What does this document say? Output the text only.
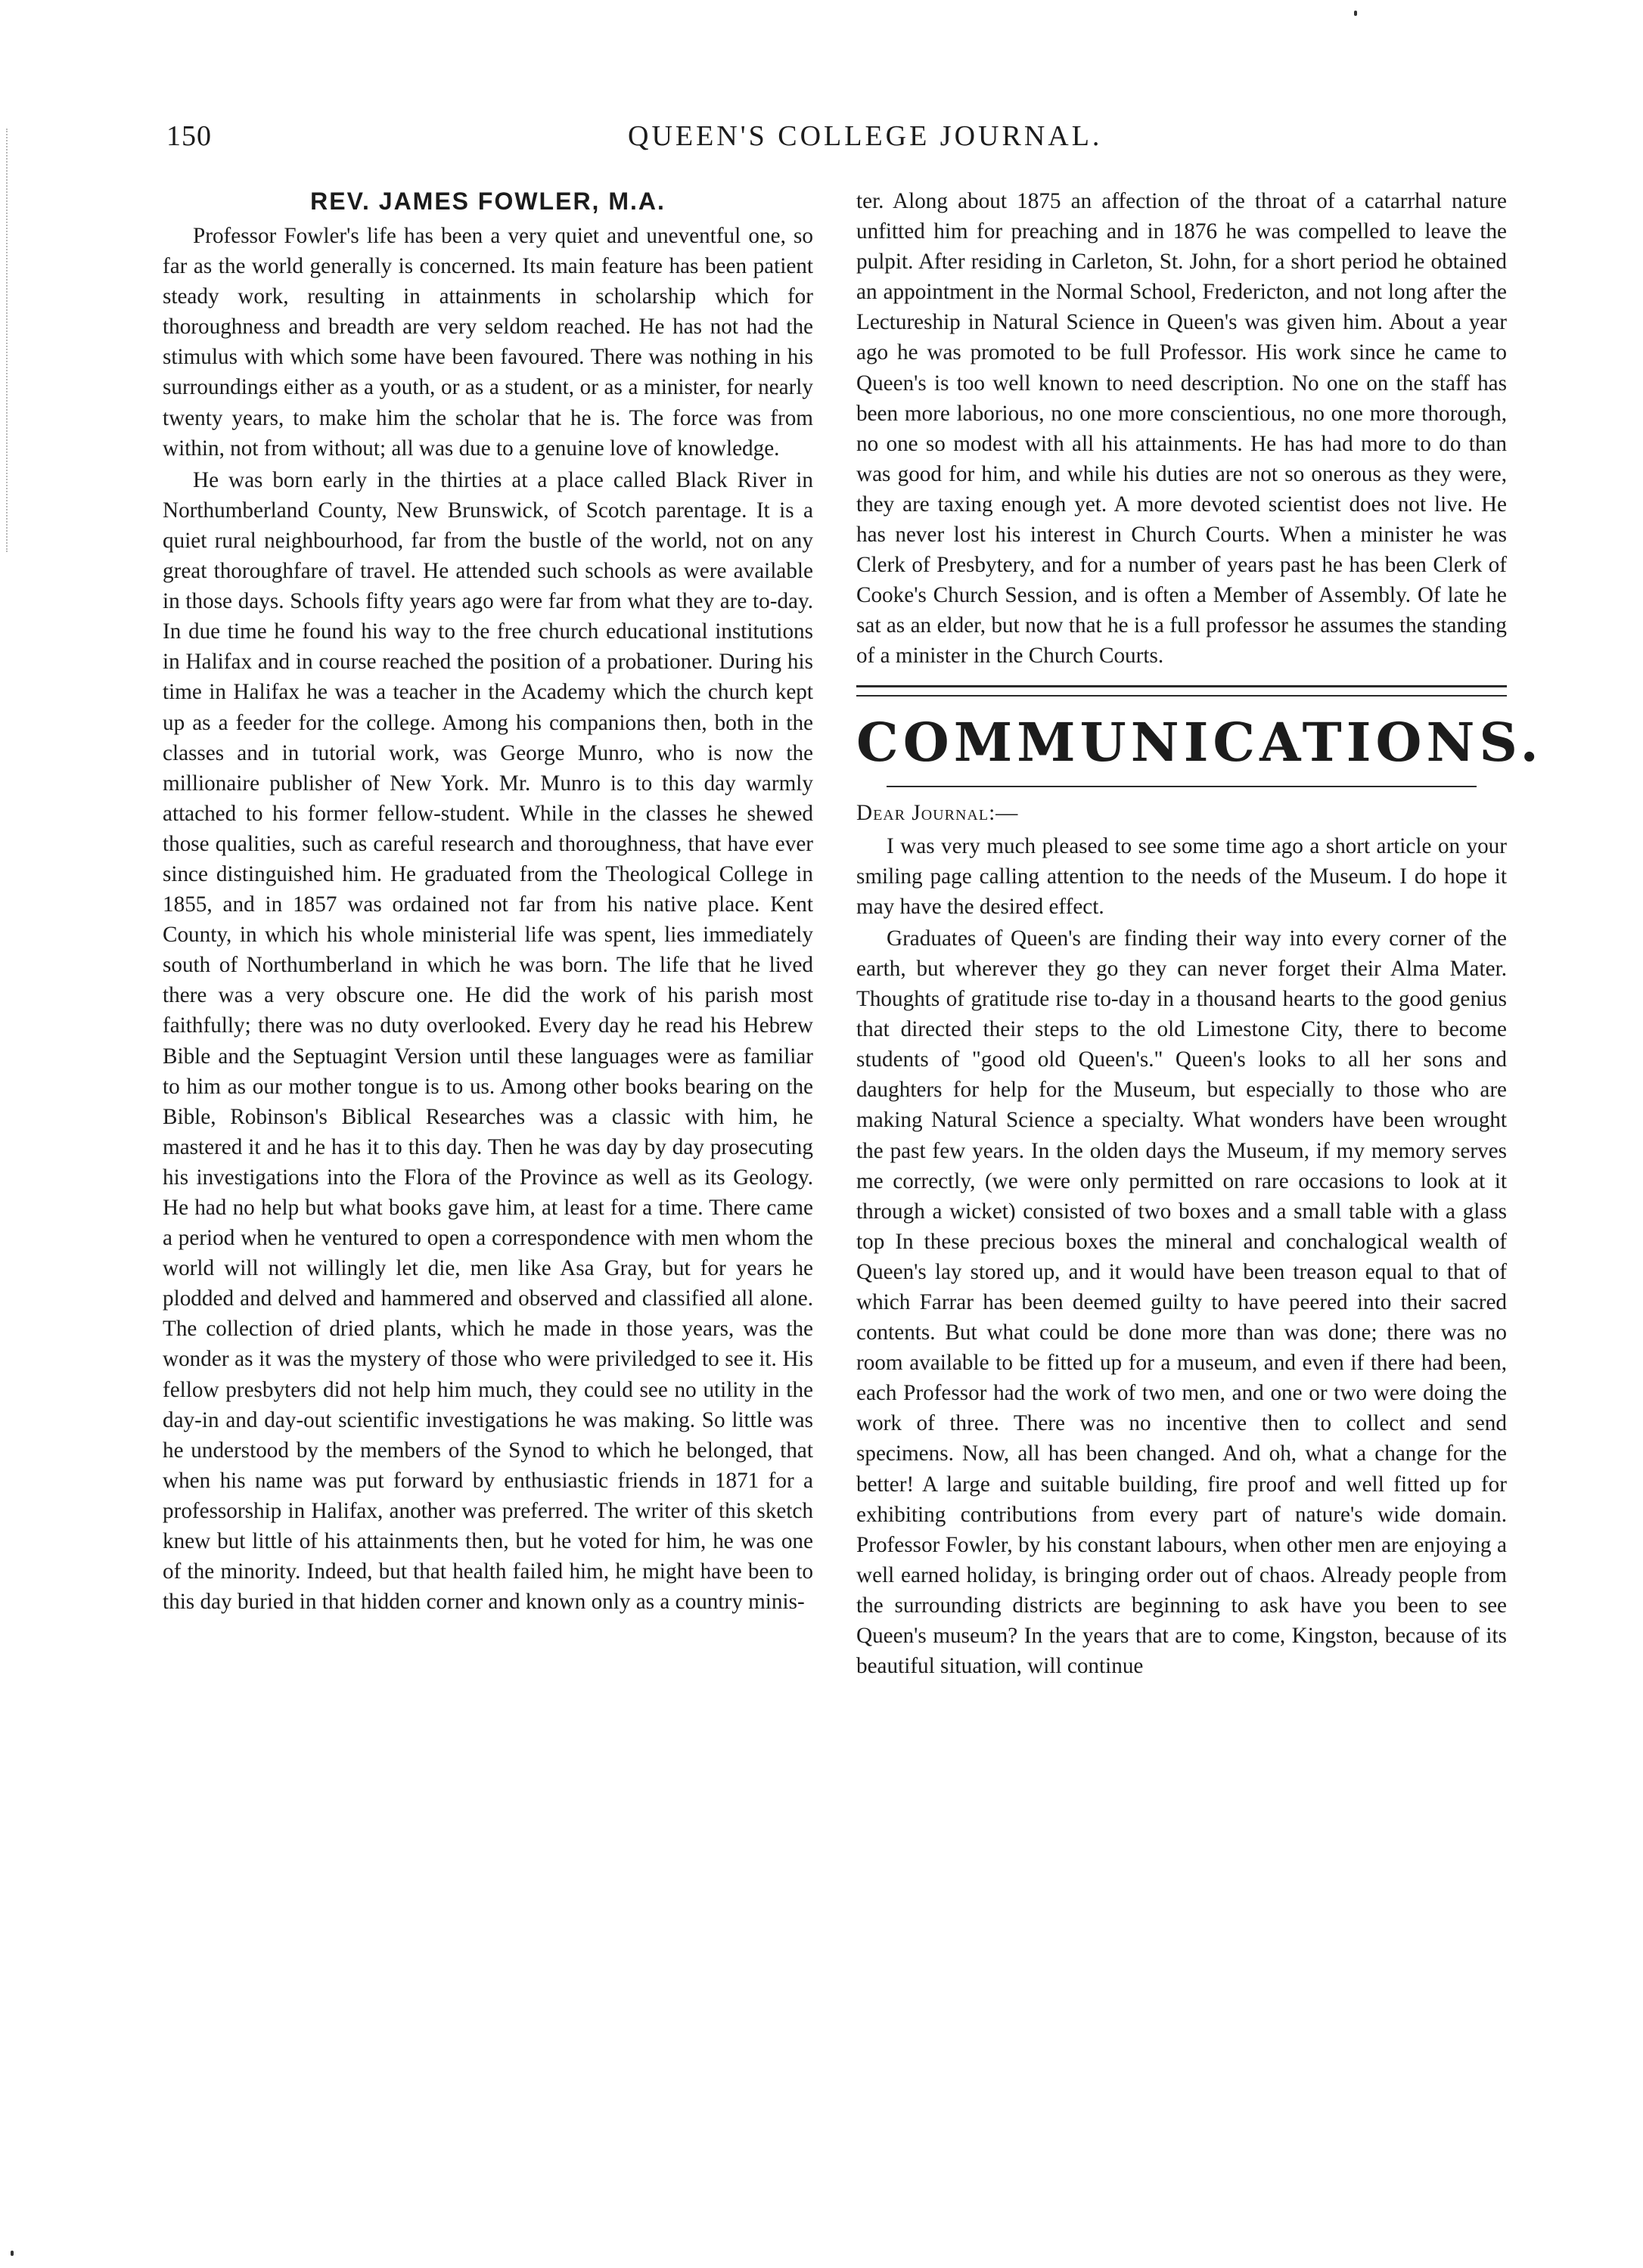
150	QUEEN'S COLLEGE JOURNAL.
REV. JAMES FOWLER, M.A.

Professor Fowler's life has been a very quiet and uneventful one, so far as the world generally is concerned. Its main feature has been patient steady work, resulting in attainments in scholarship which for thoroughness and breadth are very seldom reached. He has not had the stimulus with which some have been favoured. There was nothing in his surroundings either as a youth, or as a student, or as a minister, for nearly twenty years, to make him the scholar that he is. The force was from within, not from without; all was due to a genuine love of knowledge.

He was born early in the thirties at a place called Black River in Northumberland County, New Brunswick, of Scotch parentage. It is a quiet rural neighbourhood, far from the bustle of the world, not on any great thoroughfare of travel. He attended such schools as were available in those days. Schools fifty years ago were far from what they are to-day. In due time he found his way to the free church educational institutions in Halifax and in course reached the position of a probationer. During his time in Halifax he was a teacher in the Academy which the church kept up as a feeder for the college. Among his companions then, both in the classes and in tutorial work, was George Munro, who is now the millionaire publisher of New York. Mr. Munro is to this day warmly attached to his former fellow-student. While in the classes he shewed those qualities, such as careful research and thoroughness, that have ever since distinguished him. He graduated from the Theological College in 1855, and in 1857 was ordained not far from his native place. Kent County, in which his whole ministerial life was spent, lies immediately south of Northumberland in which he was born. The life that he lived there was a very obscure one. He did the work of his parish most faithfully; there was no duty overlooked. Every day he read his Hebrew Bible and the Septuagint Version until these languages were as familiar to him as our mother tongue is to us. Among other books bearing on the Bible, Robinson's Biblical Researches was a classic with him, he mastered it and he has it to this day. Then he was day by day prosecuting his investigations into the Flora of the Province as well as its Geology. He had no help but what books gave him, at least for a time. There came a period when he ventured to open a correspondence with men whom the world will not willingly let die, men like Asa Gray, but for years he plodded and delved and hammered and observed and classified all alone. The collection of dried plants, which he made in those years, was the wonder as it was the mystery of those who were priviledged to see it. His fellow presbyters did not help him much, they could see no utility in the day-in and day-out scientific investigations he was making. So little was he understood by the members of the Synod to which he belonged, that when his name was put forward by enthusiastic friends in 1871 for a professorship in Halifax, another was preferred. The writer of this sketch knew but little of his attainments then, but he voted for him, he was one of the minority. Indeed, but that health failed him, he might have been to this day buried in that hidden corner and known only as a country minis-

ter. Along about 1875 an affection of the throat of a catarrhal nature unfitted him for preaching and in 1876 he was compelled to leave the pulpit. After residing in Carleton, St. John, for a short period he obtained an appointment in the Normal School, Fredericton, and not long after the Lectureship in Natural Science in Queen's was given him. About a year ago he was promoted to be full Professor. His work since he came to Queen's is too well known to need description. No one on the staff has been more laborious, no one more conscientious, no one more thorough, no one so modest with all his attainments. He has had more to do than was good for him, and while his duties are not so onerous as they were, they are taxing enough yet. A more devoted scientist does not live. He has never lost his interest in Church Courts. When a minister he was Clerk of Presbytery, and for a number of years past he has been Clerk of Cooke's Church Session, and is often a Member of Assembly. Of late he sat as an elder, but now that he is a full professor he assumes the standing of a minister in the Church Courts.

COMMUNICATIONS.

Dear Journal:—

I was very much pleased to see some time ago a short article on your smiling page calling attention to the needs of the Museum. I do hope it may have the desired effect.

Graduates of Queen's are finding their way into every corner of the earth, but wherever they go they can never forget their Alma Mater. Thoughts of gratitude rise to-day in a thousand hearts to the good genius that directed their steps to the old Limestone City, there to become students of "good old Queen's." Queen's looks to all her sons and daughters for help for the Museum, but especially to those who are making Natural Science a specialty. What wonders have been wrought the past few years. In the olden days the Museum, if my memory serves me correctly, (we were only permitted on rare occasions to look at it through a wicket) consisted of two boxes and a small table with a glass top In these precious boxes the mineral and conchalogical wealth of Queen's lay stored up, and it would have been treason equal to that of which Farrar has been deemed guilty to have peered into their sacred contents. But what could be done more than was done; there was no room available to be fitted up for a museum, and even if there had been, each Professor had the work of two men, and one or two were doing the work of three. There was no incentive then to collect and send specimens. Now, all has been changed. And oh, what a change for the better! A large and suitable building, fire proof and well fitted up for exhibiting contributions from every part of nature's wide domain. Professor Fowler, by his constant labours, when other men are enjoying a well earned holiday, is bringing order out of chaos. Already people from the surrounding districts are beginning to ask have you been to see Queen's museum? In the years that are to come, Kingston, because of its beautiful situation, will continue
